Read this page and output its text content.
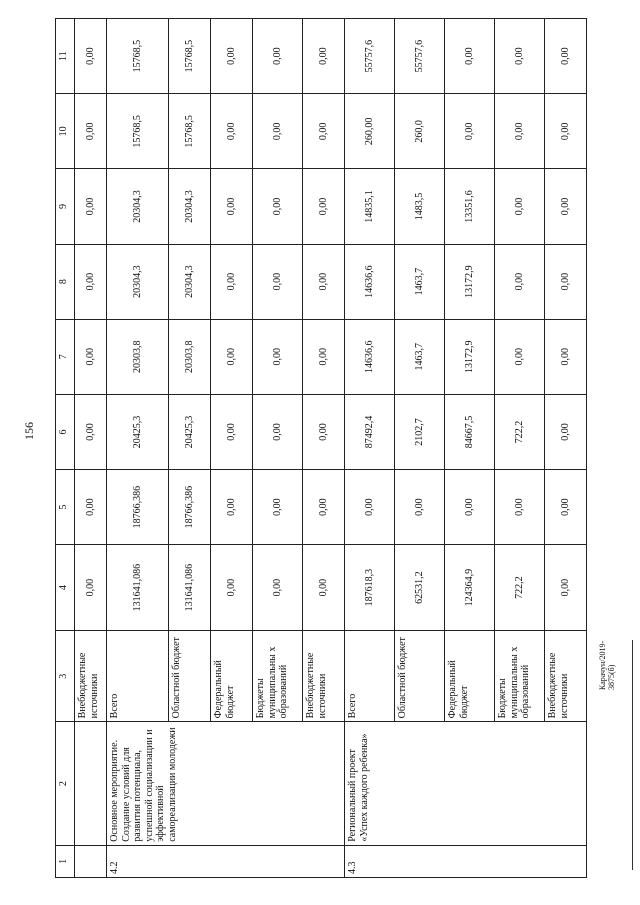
156
Карачун/2019-3875(б)
1	2	3	4	5	6	7	8	9	10	11
		Внебюджетные источники	0,00	0,00	0,00	0,00	0,00	0,00	0,00	0,00
4.2	Основное мероприятие. Создание условий для развития потенциала, успешной социализации и эффективной самореализации молодежи	Всего	131641,086	18766,386	20425,3	20303,8	20304,3	20304,3	15768,5	15768,5
		Областной бюджет	131641,086	18766,386	20425,3	20303,8	20304,3	20304,3	15768,5	15768,5
		Федеральный бюджет	0,00	0,00	0,00	0,00	0,00	0,00	0,00	0,00
		Бюджеты муниципальны х образований	0,00	0,00	0,00	0,00	0,00	0,00	0,00	0,00
		Внебюджетные источники	0,00	0,00	0,00	0,00	0,00	0,00	0,00	0,00
4.3	Региональный проект «Успех каждого ребенка»	Всего	187618,3	0,00	87492,4	14636,6	14636,6	14835,1	260,00	55757,6
		Областной бюджет	62531,2	0,00	2102,7	1463,7	1463,7	1483,5	260,0	55757,6
		Федеральный бюджет	124364,9	0,00	84667,5	13172,9	13172,9	13351,6	0,00	0,00
		Бюджеты муниципальны х образований	722,2	0,00	722,2	0,00	0,00	0,00	0,00	0,00
		Внебюджетные источники	0,00	0,00	0,00	0,00	0,00	0,00	0,00	0,00
